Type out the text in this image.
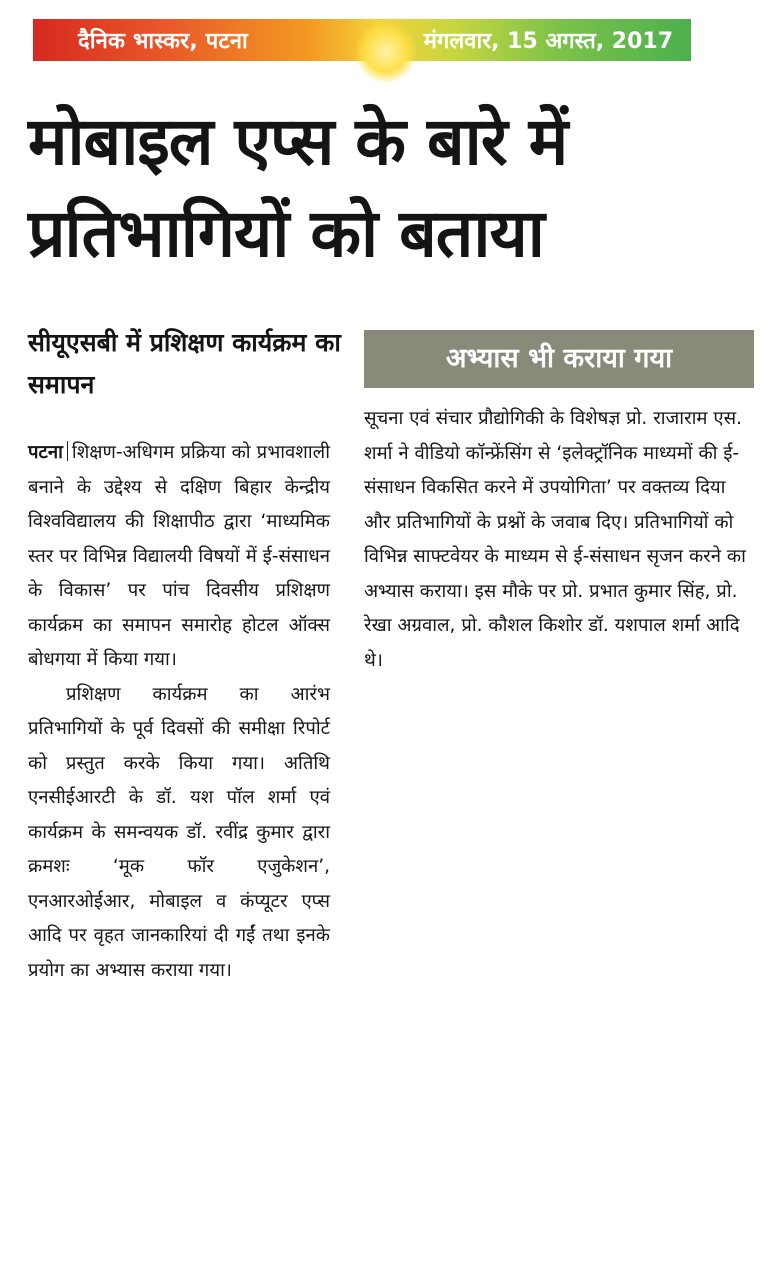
दैनिक भास्कर, पटना	मंगलवार, 15 अगस्त, 2017
मोबाइल एप्स के बारे में प्रतिभागियों को बताया
सीयूएसबी में प्रशिक्षण कार्यक्रम का समापन

पटना शिक्षण-अधिगम प्रक्रिया को प्रभावशाली बनाने के उद्देश्य से दक्षिण बिहार केन्द्रीय विश्वविद्यालय की शिक्षापीठ द्वारा ‘माध्यमिक स्तर पर विभिन्न विद्यालयी विषयों में ई-संसाधन के विकास’ पर पांच दिवसीय प्रशिक्षण कार्यक्रम का समापन समारोह होटल ऑक्स बोधगया में किया गया।

प्रशिक्षण कार्यक्रम का आरंभ प्रतिभागियों के पूर्व दिवसों की समीक्षा रिपोर्ट को प्रस्तुत करके किया गया। अतिथि एनसीईआरटी के डॉ. यश पॉल शर्मा एवं कार्यक्रम के समन्वयक डॉ. रवींद्र कुमार द्वारा क्रमशः ‘मूक फॉर एजुकेशन’, एनआरओईआर, मोबाइल व कंप्यूटर एप्स आदि पर वृहत जानकारियां दी गईं तथा इनके प्रयोग का अभ्यास कराया गया।

अभ्यास भी कराया गया

सूचना एवं संचार प्रौद्योगिकी के विशेषज्ञ प्रो. राजाराम एस. शर्मा ने वीडियो कॉन्फ्रेंसिंग से ‘इलेक्ट्रॉनिक माध्यमों की ई-संसाधन विकसित करने में उपयोगिता’ पर वक्तव्य दिया और प्रतिभागियों के प्रश्नों के जवाब दिए। प्रतिभागियों को विभिन्न साफ्टवेयर के माध्यम से ई-संसाधन सृजन करने का अभ्यास कराया। इस मौके पर प्रो. प्रभात कुमार सिंह, प्रो. रेखा अग्रवाल, प्रो. कौशल किशोर डॉ. यशपाल शर्मा आदि थे।
